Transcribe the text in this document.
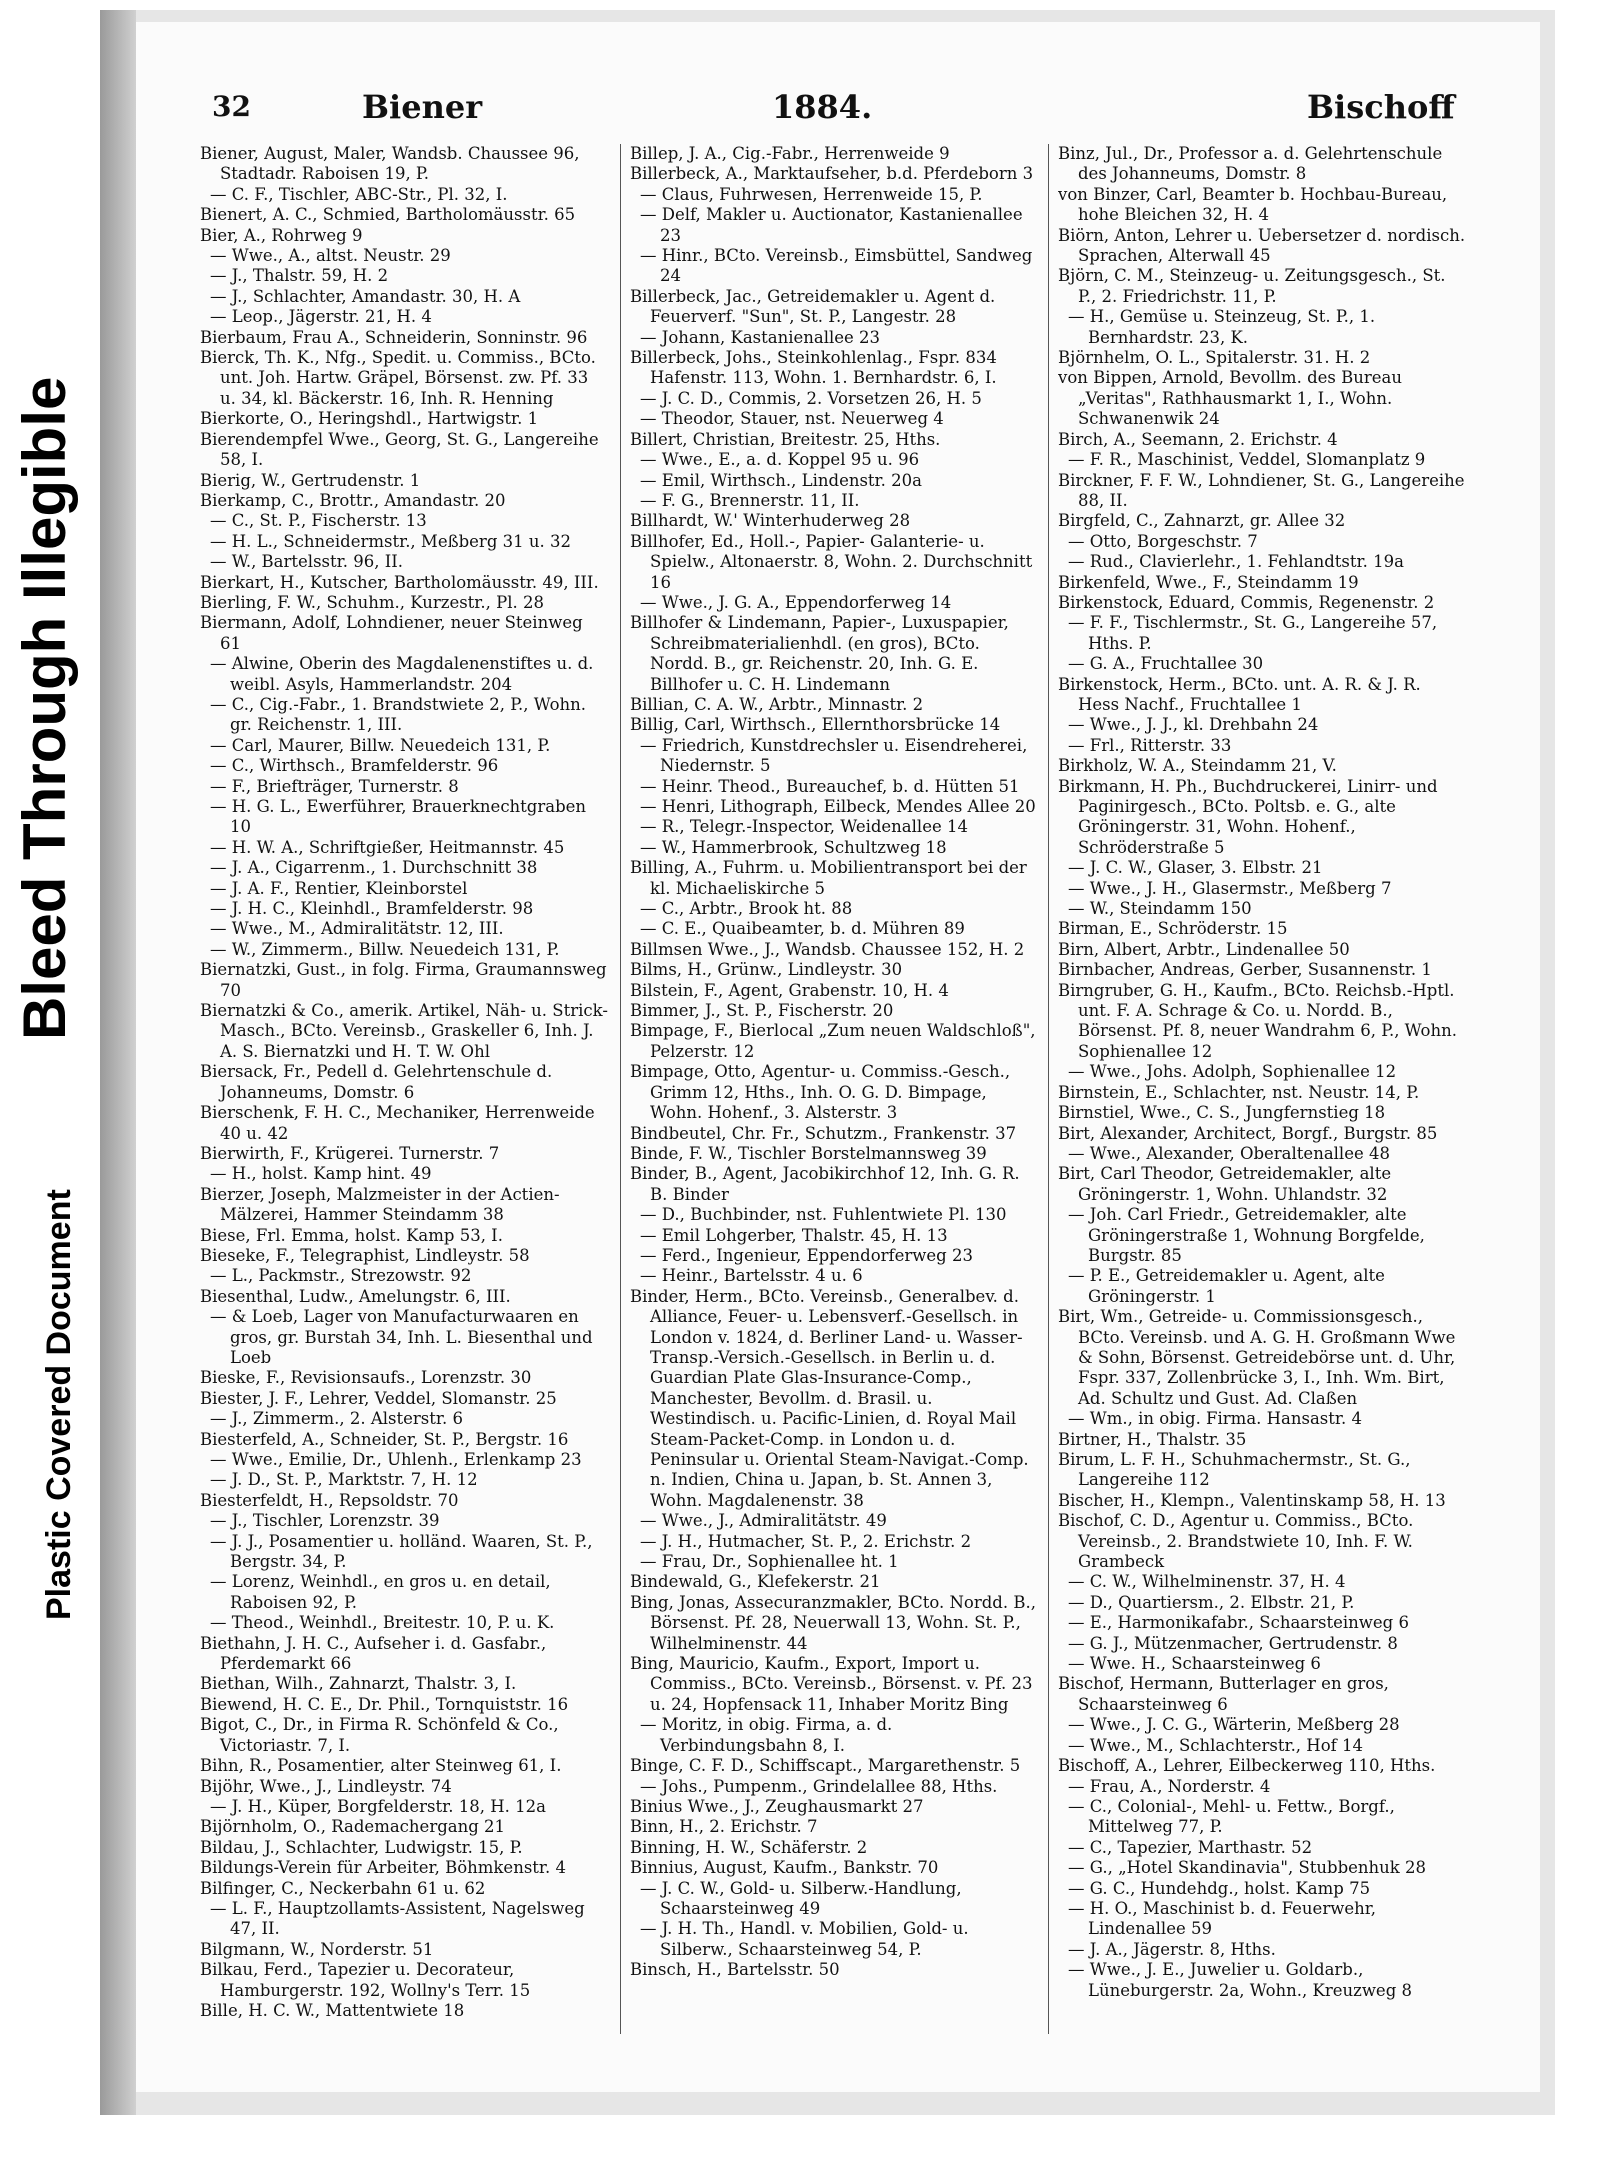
Bleed Through Illegible
Plastic Covered Document
32	Biener	1884.	Bischoff
Biener, August, Maler, Wandsb. Chaussee 96, Stadtadr. Raboisen 19, P.
— C. F., Tischler, ABC-Str., Pl. 32, I.
Bienert, A. C., Schmied, Bartholomäusstr. 65
Bier, A., Rohrweg 9
— Wwe., A., altst. Neustr. 29
— J., Thalstr. 59, H. 2
— J., Schlachter, Amandastr. 30, H. A
— Leop., Jägerstr. 21, H. 4
Bierbaum, Frau A., Schneiderin, Sonninstr. 96
Bierck, Th. K., Nfg., Spedit. u. Commiss., BCto. unt. Joh. Hartw. Gräpel, Börsenst. zw. Pf. 33 u. 34, kl. Bäckerstr. 16, Inh. R. Henning
Bierkorte, O., Heringshdl., Hartwigstr. 1
Bierendempfel Wwe., Georg, St. G., Langereihe 58, I.
Bierig, W., Gertrudenstr. 1
Bierkamp, C., Brottr., Amandastr. 20
— C., St. P., Fischerstr. 13
— H. L., Schneidermstr., Meßberg 31 u. 32
— W., Bartelsstr. 96, II.
Bierkart, H., Kutscher, Bartholomäusstr. 49, III.
Bierling, F. W., Schuhm., Kurzestr., Pl. 28
Biermann, Adolf, Lohndiener, neuer Steinweg 61
— Alwine, Oberin des Magdalenenstiftes u. d. weibl. Asyls, Hammerlandstr. 204
— C., Cig.-Fabr., 1. Brandstwiete 2, P., Wohn. gr. Reichenstr. 1, III.
— Carl, Maurer, Billw. Neuedeich 131, P.
— C., Wirthsch., Bramfelderstr. 96
— F., Briefträger, Turnerstr. 8
— H. G. L., Ewerführer, Brauerknechtgraben 10
— H. W. A., Schriftgießer, Heitmannstr. 45
— J. A., Cigarrenm., 1. Durchschnitt 38
— J. A. F., Rentier, Kleinborstel
— J. H. C., Kleinhdl., Bramfelderstr. 98
— Wwe., M., Admiralitätstr. 12, III.
— W., Zimmerm., Billw. Neuedeich 131, P.
Biernatzki, Gust., in folg. Firma, Graumannsweg 70
Biernatzki & Co., amerik. Artikel, Näh- u. Strick-Masch., BCto. Vereinsb., Graskeller 6, Inh. J. A. S. Biernatzki und H. T. W. Ohl
Biersack, Fr., Pedell d. Gelehrtenschule d. Johanneums, Domstr. 6
Bierschenk, F. H. C., Mechaniker, Herrenweide 40 u. 42
Bierwirth, F., Krügerei. Turnerstr. 7
— H., holst. Kamp hint. 49
Bierzer, Joseph, Malzmeister in der Actien-Mälzerei, Hammer Steindamm 38
Biese, Frl. Emma, holst. Kamp 53, I.
Bieseke, F., Telegraphist, Lindleystr. 58
— L., Packmstr., Strezowstr. 92
Biesenthal, Ludw., Amelungstr. 6, III.
— & Loeb, Lager von Manufacturwaaren en gros, gr. Burstah 34, Inh. L. Biesenthal und Loeb
Bieske, F., Revisionsaufs., Lorenzstr. 30
Biester, J. F., Lehrer, Veddel, Slomanstr. 25
— J., Zimmerm., 2. Alsterstr. 6
Biesterfeld, A., Schneider, St. P., Bergstr. 16
— Wwe., Emilie, Dr., Uhlenh., Erlenkamp 23
— J. D., St. P., Marktstr. 7, H. 12
Biesterfeldt, H., Repsoldstr. 70
— J., Tischler, Lorenzstr. 39
— J. J., Posamentier u. holländ. Waaren, St. P., Bergstr. 34, P.
— Lorenz, Weinhdl., en gros u. en detail, Raboisen 92, P.
— Theod., Weinhdl., Breitestr. 10, P. u. K.
Biethahn, J. H. C., Aufseher i. d. Gasfabr., Pferdemarkt 66
Biethan, Wilh., Zahnarzt, Thalstr. 3, I.
Biewend, H. C. E., Dr. Phil., Tornquiststr. 16
Bigot, C., Dr., in Firma R. Schönfeld & Co., Victoriastr. 7, I.
Bihn, R., Posamentier, alter Steinweg 61, I.
Bijöhr, Wwe., J., Lindleystr. 74
— J. H., Küper, Borgfelderstr. 18, H. 12a
Bijörnholm, O., Rademachergang 21
Bildau, J., Schlachter, Ludwigstr. 15, P.
Bildungs-Verein für Arbeiter, Böhmkenstr. 4
Bilfinger, C., Neckerbahn 61 u. 62
— L. F., Hauptzollamts-Assistent, Nagelsweg 47, II.
Bilgmann, W., Norderstr. 51
Bilkau, Ferd., Tapezier u. Decorateur, Hamburgerstr. 192, Wollny's Terr. 15
Bille, H. C. W., Mattentwiete 18
Billep, J. A., Cig.-Fabr., Herrenweide 9
Billerbeck, A., Marktaufseher, b.d. Pferdeborn 3
— Claus, Fuhrwesen, Herrenweide 15, P.
— Delf, Makler u. Auctionator, Kastanienallee 23
— Hinr., BCto. Vereinsb., Eimsbüttel, Sandweg 24
Billerbeck, Jac., Getreidemakler u. Agent d. Feuerverf. "Sun", St. P., Langestr. 28
— Johann, Kastanienallee 23
Billerbeck, Johs., Steinkohlenlag., Fspr. 834 Hafenstr. 113, Wohn. 1. Bernhardstr. 6, I.
— J. C. D., Commis, 2. Vorsetzen 26, H. 5
— Theodor, Stauer, nst. Neuerweg 4
Billert, Christian, Breitestr. 25, Hths.
— Wwe., E., a. d. Koppel 95 u. 96
— Emil, Wirthsch., Lindenstr. 20a
— F. G., Brennerstr. 11, II.
Billhardt, W.' Winterhuderweg 28
Billhofer, Ed., Holl.-, Papier- Galanterie- u. Spielw., Altonaerstr. 8, Wohn. 2. Durchschnitt 16
— Wwe., J. G. A., Eppendorferweg 14
Billhofer & Lindemann, Papier-, Luxuspapier, Schreibmaterialienhdl. (en gros), BCto. Nordd. B., gr. Reichenstr. 20, Inh. G. E. Billhofer u. C. H. Lindemann
Billian, C. A. W., Arbtr., Minnastr. 2
Billig, Carl, Wirthsch., Ellernthorsbrücke 14
— Friedrich, Kunstdrechsler u. Eisendreherei, Niedernstr. 5
— Heinr. Theod., Bureauchef, b. d. Hütten 51
— Henri, Lithograph, Eilbeck, Mendes Allee 20
— R., Telegr.-Inspector, Weidenallee 14
— W., Hammerbrook, Schultzweg 18
Billing, A., Fuhrm. u. Mobilientransport bei der kl. Michaeliskirche 5
— C., Arbtr., Brook ht. 88
— C. E., Quaibeamter, b. d. Mühren 89
Billmsen Wwe., J., Wandsb. Chaussee 152, H. 2
Bilms, H., Grünw., Lindleystr. 30
Bilstein, F., Agent, Grabenstr. 10, H. 4
Bimmer, J., St. P., Fischerstr. 20
Bimpage, F., Bierlocal „Zum neuen Waldschloß", Pelzerstr. 12
Bimpage, Otto, Agentur- u. Commiss.-Gesch., Grimm 12, Hths., Inh. O. G. D. Bimpage, Wohn. Hohenf., 3. Alsterstr. 3
Bindbeutel, Chr. Fr., Schutzm., Frankenstr. 37
Binde, F. W., Tischler Borstelmannsweg 39
Binder, B., Agent, Jacobikirchhof 12, Inh. G. R. B. Binder
— D., Buchbinder, nst. Fuhlentwiete Pl. 130
— Emil Lohgerber, Thalstr. 45, H. 13
— Ferd., Ingenieur, Eppendorferweg 23
— Heinr., Bartelsstr. 4 u. 6
Binder, Herm., BCto. Vereinsb., Generalbev. d. Alliance, Feuer- u. Lebensverf.-Gesellsch. in London v. 1824, d. Berliner Land- u. Wasser-Transp.-Versich.-Gesellsch. in Berlin u. d. Guardian Plate Glas-Insurance-Comp., Manchester, Bevollm. d. Brasil. u. Westindisch. u. Pacific-Linien, d. Royal Mail Steam-Packet-Comp. in London u. d. Peninsular u. Oriental Steam-Navigat.-Comp. n. Indien, China u. Japan, b. St. Annen 3, Wohn. Magdalenenstr. 38
— Wwe., J., Admiralitätstr. 49
— J. H., Hutmacher, St. P., 2. Erichstr. 2
— Frau, Dr., Sophienallee ht. 1
Bindewald, G., Klefekerstr. 21
Bing, Jonas, Assecuranzmakler, BCto. Nordd. B., Börsenst. Pf. 28, Neuerwall 13, Wohn. St. P., Wilhelminenstr. 44
Bing, Mauricio, Kaufm., Export, Import u. Commiss., BCto. Vereinsb., Börsenst. v. Pf. 23 u. 24, Hopfensack 11, Inhaber Moritz Bing
— Moritz, in obig. Firma, a. d. Verbindungsbahn 8, I.
Binge, C. F. D., Schiffscapt., Margarethenstr. 5
— Johs., Pumpenm., Grindelallee 88, Hths.
Binius Wwe., J., Zeughausmarkt 27
Binn, H., 2. Erichstr. 7
Binning, H. W., Schäferstr. 2
Binnius, August, Kaufm., Bankstr. 70
— J. C. W., Gold- u. Silberw.-Handlung, Schaarsteinweg 49
— J. H. Th., Handl. v. Mobilien, Gold- u. Silberw., Schaarsteinweg 54, P.
Binsch, H., Bartelsstr. 50
Binz, Jul., Dr., Professor a. d. Gelehrtenschule des Johanneums, Domstr. 8
von Binzer, Carl, Beamter b. Hochbau-Bureau, hohe Bleichen 32, H. 4
Biörn, Anton, Lehrer u. Uebersetzer d. nordisch. Sprachen, Alterwall 45
Björn, C. M., Steinzeug- u. Zeitungsgesch., St. P., 2. Friedrichstr. 11, P.
— H., Gemüse u. Steinzeug, St. P., 1. Bernhardstr. 23, K.
Björnhelm, O. L., Spitalerstr. 31. H. 2
von Bippen, Arnold, Bevollm. des Bureau „Veritas", Rathhausmarkt 1, I., Wohn. Schwanenwik 24
Birch, A., Seemann, 2. Erichstr. 4
— F. R., Maschinist, Veddel, Slomanplatz 9
Birckner, F. F. W., Lohndiener, St. G., Langereihe 88, II.
Birgfeld, C., Zahnarzt, gr. Allee 32
— Otto, Borgeschstr. 7
— Rud., Clavierlehr., 1. Fehlandtstr. 19a
Birkenfeld, Wwe., F., Steindamm 19
Birkenstock, Eduard, Commis, Regenenstr. 2
— F. F., Tischlermstr., St. G., Langereihe 57, Hths. P.
— G. A., Fruchtallee 30
Birkenstock, Herm., BCto. unt. A. R. & J. R. Hess Nachf., Fruchtallee 1
— Wwe., J. J., kl. Drehbahn 24
— Frl., Ritterstr. 33
Birkholz, W. A., Steindamm 21, V.
Birkmann, H. Ph., Buchdruckerei, Linirr- und Paginirgesch., BCto. Poltsb. e. G., alte Gröningerstr. 31, Wohn. Hohenf., Schröderstraße 5
— J. C. W., Glaser, 3. Elbstr. 21
— Wwe., J. H., Glasermstr., Meßberg 7
— W., Steindamm 150
Birman, E., Schröderstr. 15
Birn, Albert, Arbtr., Lindenallee 50
Birnbacher, Andreas, Gerber, Susannenstr. 1
Birngruber, G. H., Kaufm., BCto. Reichsb.-Hptl. unt. F. A. Schrage & Co. u. Nordd. B., Börsenst. Pf. 8, neuer Wandrahm 6, P., Wohn. Sophienallee 12
— Wwe., Johs. Adolph, Sophienallee 12
Birnstein, E., Schlachter, nst. Neustr. 14, P.
Birnstiel, Wwe., C. S., Jungfernstieg 18
Birt, Alexander, Architect, Borgf., Burgstr. 85
— Wwe., Alexander, Oberaltenallee 48
Birt, Carl Theodor, Getreidemakler, alte Gröningerstr. 1, Wohn. Uhlandstr. 32
— Joh. Carl Friedr., Getreidemakler, alte Gröningerstraße 1, Wohnung Borgfelde, Burgstr. 85
— P. E., Getreidemakler u. Agent, alte Gröningerstr. 1
Birt, Wm., Getreide- u. Commissionsgesch., BCto. Vereinsb. und A. G. H. Großmann Wwe & Sohn, Börsenst. Getreidebörse unt. d. Uhr, Fspr. 337, Zollenbrücke 3, I., Inh. Wm. Birt, Ad. Schultz und Gust. Ad. Claßen
— Wm., in obig. Firma. Hansastr. 4
Birtner, H., Thalstr. 35
Birum, L. F. H., Schuhmachermstr., St. G., Langereihe 112
Bischer, H., Klempn., Valentinskamp 58, H. 13
Bischof, C. D., Agentur u. Commiss., BCto. Vereinsb., 2. Brandstwiete 10, Inh. F. W. Grambeck
— C. W., Wilhelminenstr. 37, H. 4
— D., Quartiersm., 2. Elbstr. 21, P.
— E., Harmonikafabr., Schaarsteinweg 6
— G. J., Mützenmacher, Gertrudenstr. 8
— Wwe. H., Schaarsteinweg 6
Bischof, Hermann, Butterlager en gros, Schaarsteinweg 6
— Wwe., J. C. G., Wärterin, Meßberg 28
— Wwe., M., Schlachterstr., Hof 14
Bischoff, A., Lehrer, Eilbeckerweg 110, Hths.
— Frau, A., Norderstr. 4
— C., Colonial-, Mehl- u. Fettw., Borgf., Mittelweg 77, P.
— C., Tapezier, Marthastr. 52
— G., „Hotel Skandinavia", Stubbenhuk 28
— G. C., Hundehdg., holst. Kamp 75
— H. O., Maschinist b. d. Feuerwehr, Lindenallee 59
— J. A., Jägerstr. 8, Hths.
— Wwe., J. E., Juwelier u. Goldarb., Lüneburgerstr. 2a, Wohn., Kreuzweg 8
